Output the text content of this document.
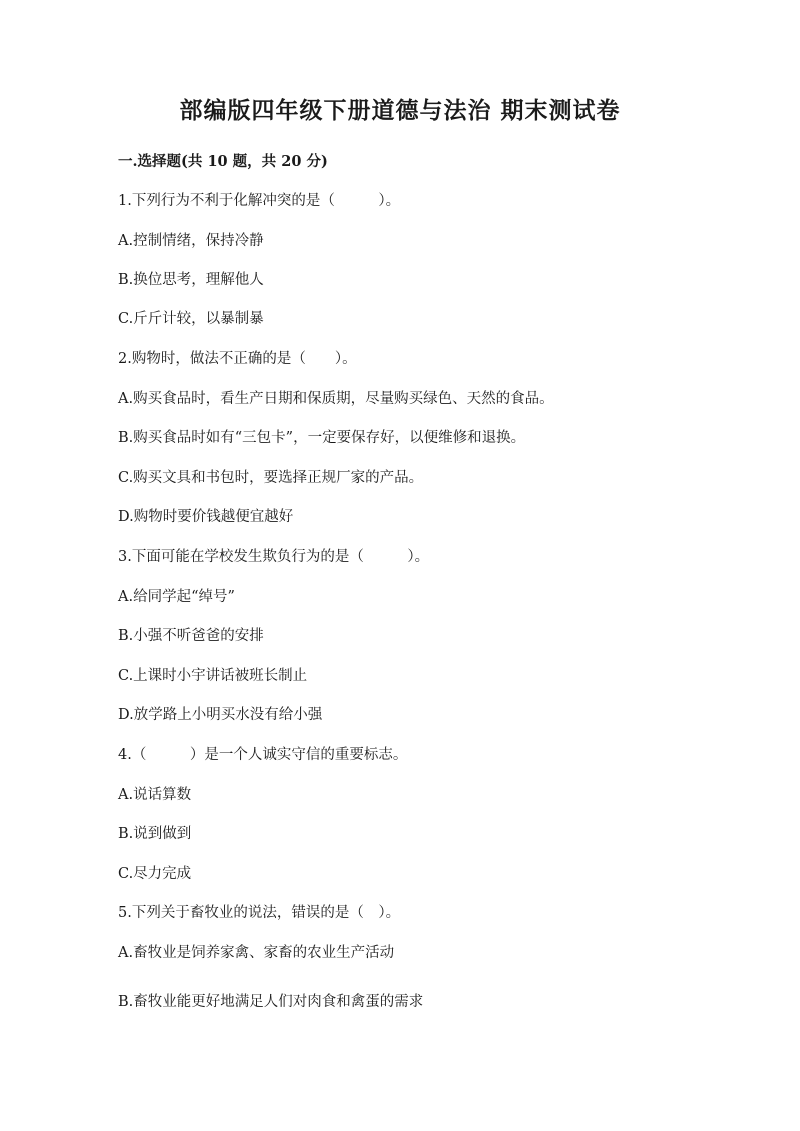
部编版四年级下册道德与法治 期末测试卷
一.选择题(共 10 题，共 20 分)
1.下列行为不利于化解冲突的是（　　　）。
A.控制情绪，保持冷静
B.换位思考，理解他人
C.斤斤计较，以暴制暴
2.购物时，做法不正确的是（　　）。
A.购买食品时，看生产日期和保质期，尽量购买绿色、天然的食品。
B.购买食品时如有“三包卡”，一定要保存好，以便维修和退换。
C.购买文具和书包时，要选择正规厂家的产品。
D.购物时要价钱越便宜越好
3.下面可能在学校发生欺负行为的是（　　　）。
A.给同学起“绰号”
B.小强不听爸爸的安排
C.上课时小宇讲话被班长制止
D.放学路上小明买水没有给小强
4.（　　　）是一个人诚实守信的重要标志。
A.说话算数
B.说到做到
C.尽力完成
5.下列关于畜牧业的说法，错误的是（　）。
A.畜牧业是饲养家禽、家畜的农业生产活动
B.畜牧业能更好地满足人们对肉食和禽蛋的需求
